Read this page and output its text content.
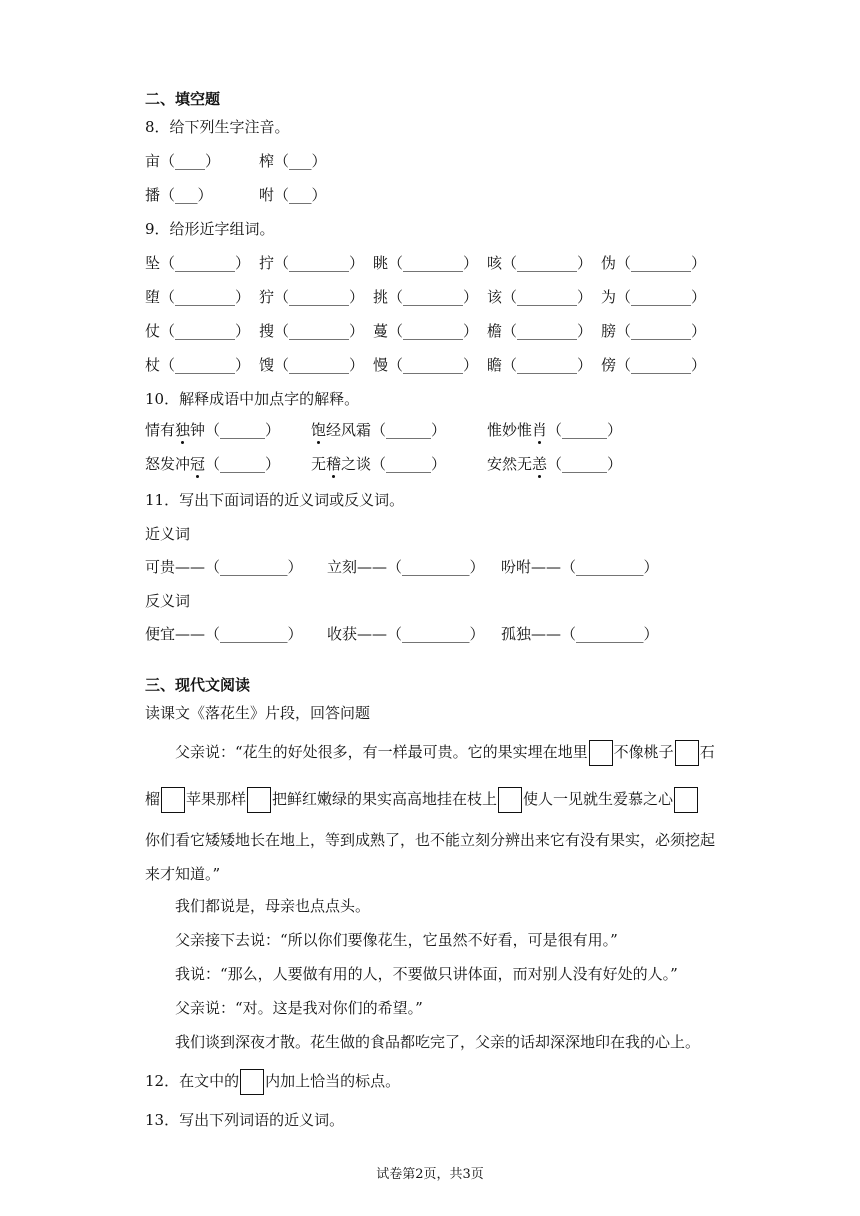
二、填空题
8．给下列生字注音。
亩（____）	榨（___）
播（___）	咐（___）
9．给形近字组词。
坠（________） 拧（________） 眺（________） 咳（________） 伪（________）
堕（________） 狞（________） 挑（________） 该（________） 为（________）
仗（________） 搜（________） 蔓（________） 檐（________） 膀（________）
杖（________） 馊（________） 慢（________） 瞻（________） 傍（________）
10．解释成语中加点字的解释。
情有独钟（______） 饱经风霜（______）	惟妙惟肖（______）
怒发冲冠（______） 无稽之谈（______）	安然无恙（______）
11．写出下面词语的近义词或反义词。
近义词
可贵——（_________） 立刻——（_________） 吩咐——（_________）
反义词
便宜——（_________） 收获——（_________） 孤独——（_________）
三、现代文阅读
读课文《落花生》片段，回答问题
父亲说：“花生的好处很多，有一样最可贵。它的果实埋在地里 不像桃子 石
榴 苹果那样 把鲜红嫩绿的果实高高地挂在枝上 使人一见就生爱慕之心
你们看它矮矮地长在地上，等到成熟了，也不能立刻分辨出来它有没有果实，必须挖起来才知道。”
我们都说是，母亲也点点头。
父亲接下去说：“所以你们要像花生，它虽然不好看，可是很有用。”
我说：“那么，人要做有用的人，不要做只讲体面，而对别人没有好处的人。”
父亲说：“对。这是我对你们的希望。”
我们谈到深夜才散。花生做的食品都吃完了，父亲的话却深深地印在我的心上。
12．在文中的 内加上恰当的标点。
13．写出下列词语的近义词。
试卷第2页，共3页
